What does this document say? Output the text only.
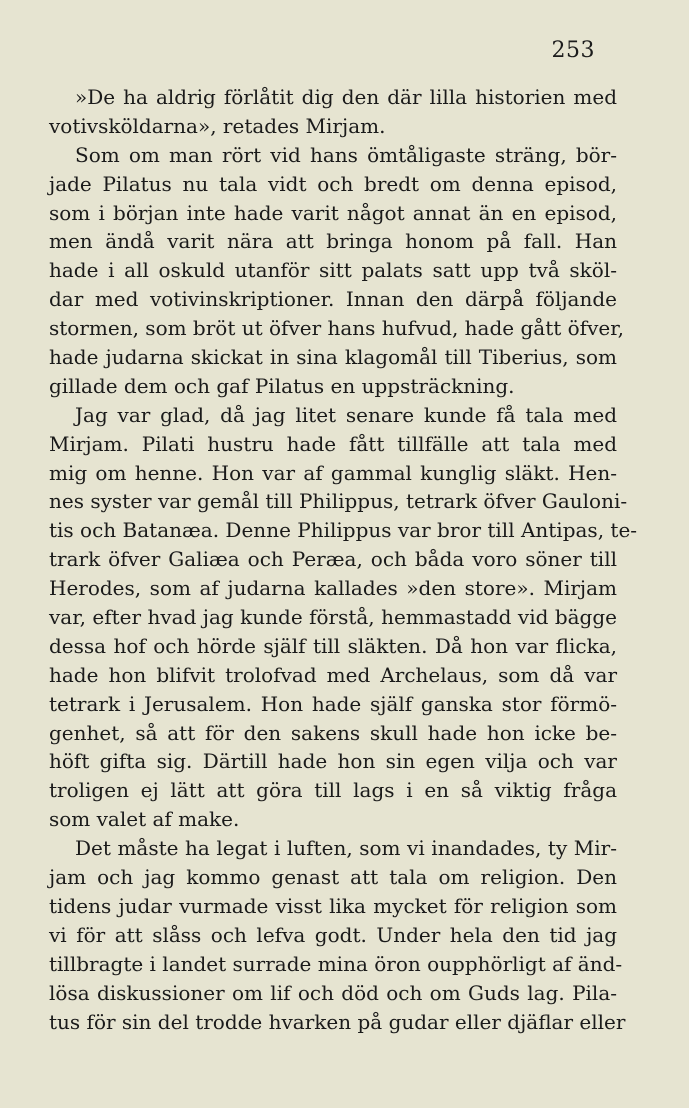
253
»De ha aldrig förlåtit dig den där lilla historien med
votivsköldarna», retades Mirjam.
Som om man rört vid hans ömtåligaste sträng, bör-
jade Pilatus nu tala vidt och bredt om denna episod,
som i början inte hade varit något annat än en episod,
men ändå varit nära att bringa honom på fall. Han
hade i all oskuld utanför sitt palats satt upp två sköl-
dar med votivinskriptioner. Innan den därpå följande
stormen, som bröt ut öfver hans hufvud, hade gått öfver,
hade judarna skickat in sina klagomål till Tiberius, som
gillade dem och gaf Pilatus en uppsträckning.
Jag var glad, då jag litet senare kunde få tala med
Mirjam. Pilati hustru hade fått tillfälle att tala med
mig om henne. Hon var af gammal kunglig släkt. Hen-
nes syster var gemål till Philippus, tetrark öfver Gauloni-
tis och Batanæa. Denne Philippus var bror till Antipas, te-
trark öfver Galiæa och Peræa, och båda voro söner till
Herodes, som af judarna kallades »den store». Mirjam
var, efter hvad jag kunde förstå, hemmastadd vid bägge
dessa hof och hörde själf till släkten. Då hon var flicka,
hade hon blifvit trolofvad med Archelaus, som då var
tetrark i Jerusalem. Hon hade själf ganska stor förmö-
genhet, så att för den sakens skull hade hon icke be-
höft gifta sig. Därtill hade hon sin egen vilja och var
troligen ej lätt att göra till lags i en så viktig fråga
som valet af make.
Det måste ha legat i luften, som vi inandades, ty Mir-
jam och jag kommo genast att tala om religion. Den
tidens judar vurmade visst lika mycket för religion som
vi för att slåss och lefva godt. Under hela den tid jag
tillbragte i landet surrade mina öron oupphörligt af änd-
lösa diskussioner om lif och död och om Guds lag. Pila-
tus för sin del trodde hvarken på gudar eller djäflar eller
